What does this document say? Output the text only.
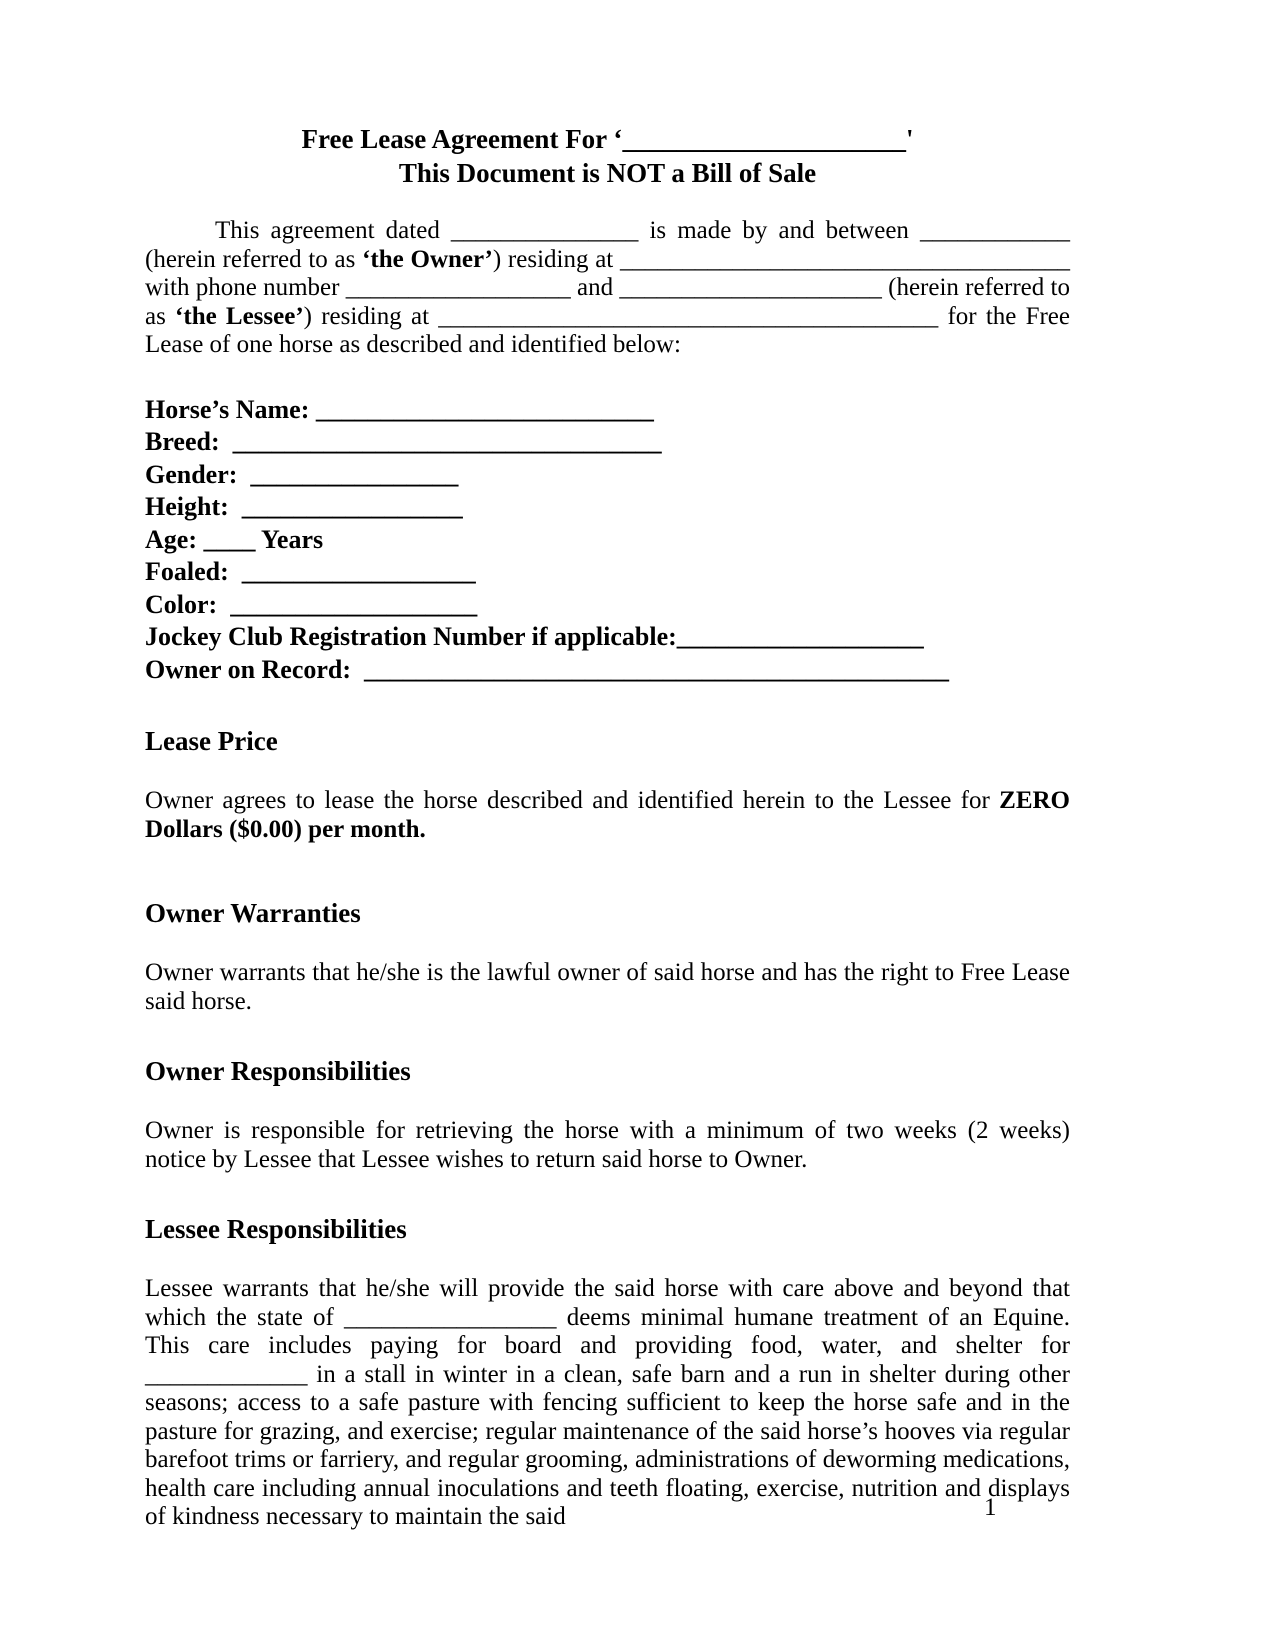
Free Lease Agreement For ‘_____________________'
This Document is NOT a Bill of Sale

This agreement dated _______________ is made by and between ____________ (herein referred to as ‘the Owner’) residing at ____________________________________ with phone number __________________ and _____________________ (herein referred to as ‘the Lessee’) residing at ________________________________________ for the Free Lease of one horse as described and identified below:

Horse’s Name: __________________________
Breed:  _________________________________
Gender:  ________________
Height:  _________________
Age: ____ Years
Foaled:  __________________
Color:  ___________________
Jockey Club Registration Number if applicable:___________________
Owner on Record:  _____________________________________________
Lease Price

Owner agrees to lease the horse described and identified herein to the Lessee for ZERO Dollars ($0.00) per month.

Owner Warranties

Owner warrants that he/she is the lawful owner of said horse and has the right to Free Lease said horse.

Owner Responsibilities

Owner is responsible for retrieving the horse with a minimum of two weeks (2 weeks) notice by Lessee that Lessee wishes to return said horse to Owner.

Lessee Responsibilities

Lessee warrants that he/she will provide the said horse with care above and beyond that which the state of _________________ deems minimal humane treatment of an Equine. This care includes paying for board and providing food, water, and shelter for _____________ in a stall in winter in a clean, safe barn and a run in shelter during other seasons; access to a safe pasture with fencing sufficient to keep the horse safe and in the pasture for grazing, and exercise; regular maintenance of the said horse’s hooves via regular barefoot trims or farriery, and regular grooming, administrations of deworming medications, health care including annual inoculations and teeth floating, exercise, nutrition and displays of kindness necessary to maintain the said	1
